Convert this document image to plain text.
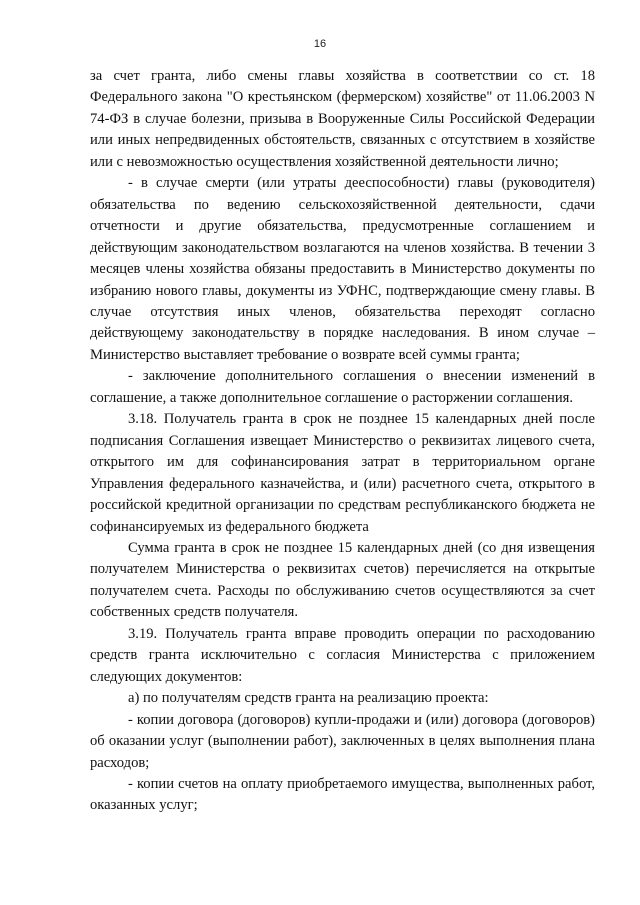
16

за счет гранта, либо смены главы хозяйства в соответствии со ст. 18 Федерального закона "О крестьянском (фермерском) хозяйстве" от 11.06.2003 N 74-ФЗ в случае болезни, призыва в Вооруженные Силы Российской Федерации или иных непредвиденных обстоятельств, связанных с отсутствием в хозяйстве или с невозможностью осуществления хозяйственной деятельности лично;

- в случае смерти (или утраты дееспособности) главы (руководителя) обязательства по ведению сельскохозяйственной деятельности, сдачи отчетности и другие обязательства, предусмотренные соглашением и действующим законодательством возлагаются на членов хозяйства. В течении 3 месяцев члены хозяйства обязаны предоставить в Министерство документы по избранию нового главы, документы из УФНС, подтверждающие смену главы. В случае отсутствия иных членов, обязательства переходят согласно действующему законодательству в порядке наследования. В ином случае – Министерство выставляет требование о возврате всей суммы гранта;

- заключение дополнительного соглашения о внесении изменений в соглашение, а также дополнительное соглашение о расторжении соглашения.

3.18. Получатель гранта в срок не позднее 15 календарных дней после подписания Соглашения извещает Министерство о реквизитах лицевого счета, открытого им для софинансирования затрат в территориальном органе Управления федерального казначейства, и (или) расчетного счета, открытого в российской кредитной организации по средствам республиканского бюджета не софинансируемых из федерального бюджета

Сумма гранта в срок не позднее 15 календарных дней (со дня извещения получателем Министерства о реквизитах счетов) перечисляется на открытые получателем счета. Расходы по обслуживанию счетов осуществляются за счет собственных средств получателя.

3.19. Получатель гранта вправе проводить операции по расходованию средств гранта исключительно с согласия Министерства с приложением следующих документов:

а) по получателям средств гранта на реализацию проекта:

- копии договора (договоров) купли-продажи и (или) договора (договоров) об оказании услуг (выполнении работ), заключенных в целях выполнения плана расходов;

- копии счетов на оплату приобретаемого имущества, выполненных работ, оказанных услуг;
